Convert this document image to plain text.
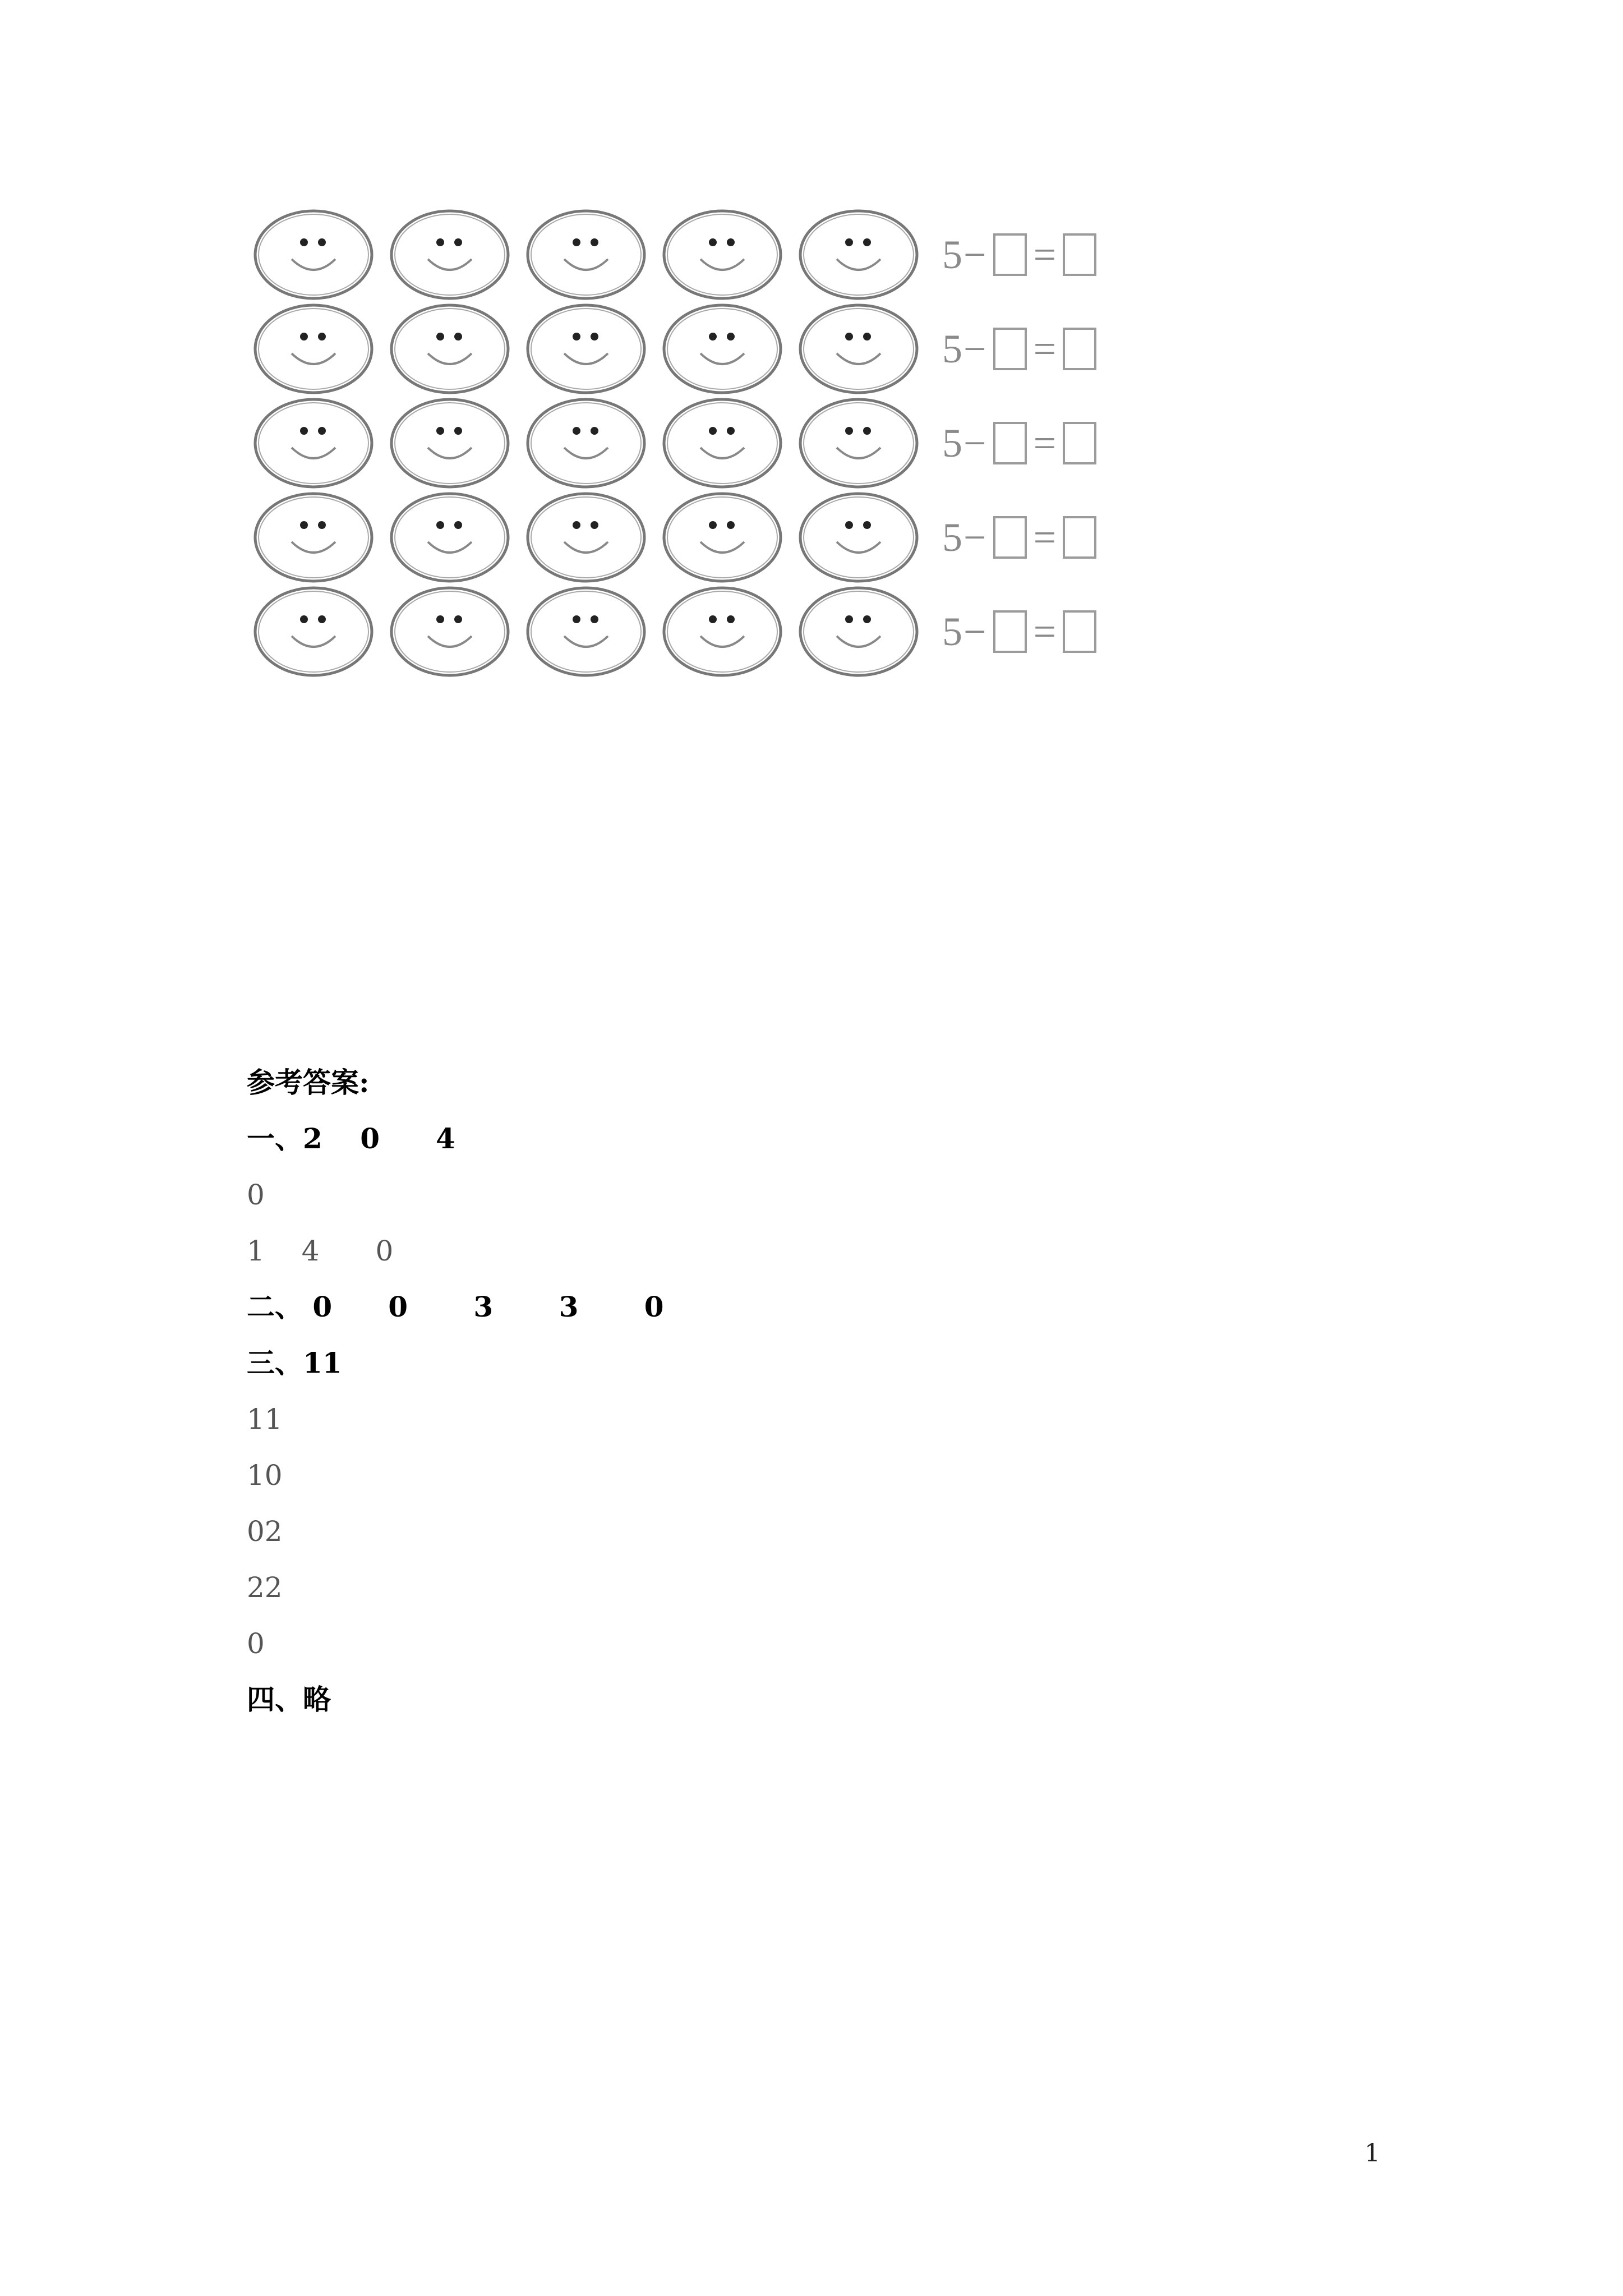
5 − =
5 − =
5 − =
5 − =
5 − =
参考答案:
一、2　 0　　4
0
1　 4　　0
二、 0　　0　　 3　　 3　　 0
三、11
11
10
02
22
0
四、略
1
